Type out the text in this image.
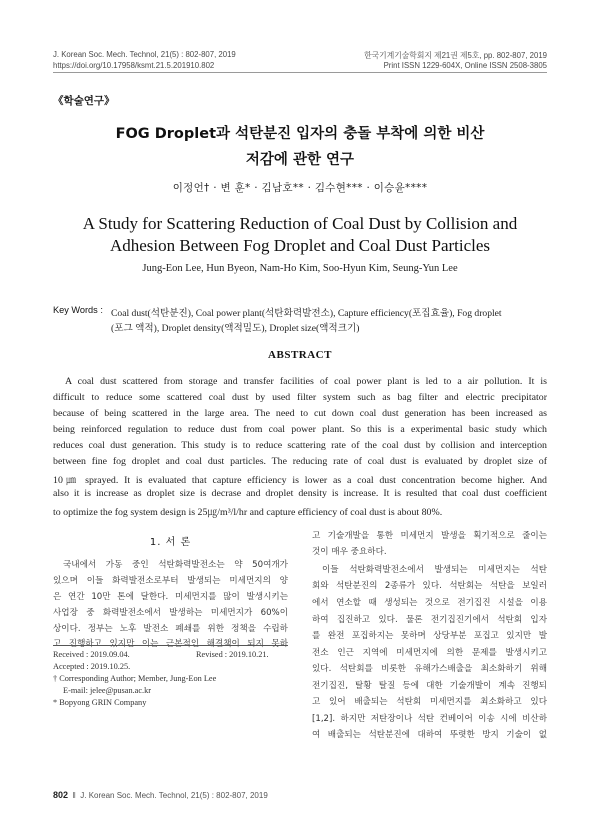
J. Korean Soc. Mech. Technol, 21(5) : 802-807, 2019
https://doi.org/10.17958/ksmt.21.5.201910.802
한국기계기술학회지 제21권 제5호, pp. 802-807, 2019
Print ISSN 1229-604X, Online ISSN 2508-3805
《학술연구》
FOG Droplet과 석탄분진 입자의 충돌 부착에 의한 비산
저감에 관한 연구
이정언† · 변 훈* · 김남호** · 김수현*** · 이승윤****
A Study for Scattering Reduction of Coal Dust by Collision and
Adhesion Between Fog Droplet and Coal Dust Particles
Jung-Eon Lee, Hun Byeon, Nam-Ho Kim, Soo-Hyun Kim, Seung-Yun Lee
Key Words : Coal dust(석탄분진), Coal power plant(석탄화력발전소), Capture efficiency(포집효율), Fog droplet
(포그 액적), Droplet density(액적밀도), Droplet size(액적크기)
ABSTRACT
A coal dust scattered from storage and transfer facilities of coal power plant is led to a air pollution. It is
difficult to reduce some scattered coal dust by used filter system such as bag filter and electric precipitator
because of being scattered in the large area. The need to cut down coal dust generation has been increased as
being reinforced regulation to reduce dust from coal power plant. So this is a experimental basic study which
reduces coal dust generation. This study is to reduce scattering rate of the coal dust by collision and interception
between fine fog droplet and coal dust particles. The reducing rate of coal dust is evaluated by droplet size of
10㎛ sprayed. It is evaluated that capture efficiency is lower as a coal dust concentration become higher. And
also it is increase as droplet size is decrase and droplet density is increase. It is resulted that coal dust coefficient
to optimize the fog system design is 25㎍/m³/l/hr and capture efficiency of coal dust is about 80%.
1. 서 론
국내에서 가동 중인 석탄화력발전소는 약 50여개가
있으며 이들 화력발전소로부터 발생되는 미세먼지의 양
은 연간 10만 톤에 달한다. 미세먼지를 많이 발생시키는
사업장 중 화력발전소에서 발생하는 미세먼지가 60%이
상이다. 정부는 노후 발전소 폐쇄를 위한 정책을 수립하
고 진행하고 있지만 이는 근본적인 해결책이 되지 못하
Received : 2019.09.04.	Revised : 2019.10.21.
Accepted : 2019.10.25.
† Corresponding Author; Member, Jung-Eon Lee
E-mail: jelee@pusan.ac.kr
* Bopyong GRIN Company
고 기술개발을 통한 미세먼지 발생을 획기적으로 줄이는
것이 매우 중요하다.
이들 석탄화력발전소에서 발생되는 미세먼지는 석탄
회와 석탄분진의 2종류가 있다. 석탄회는 석탄을 보일러
에서 연소할 때 생성되는 것으로 전기집진 시설을 이용
하여 집진하고 있다. 물론 전기집진기에서 석탄회 입자
를 완전 포집하지는 못하며 상당부분 포집고 있지만 발
전소 인근 지역에 미세먼지에 의한 문제를 발생시키고
있다. 석탄회를 비롯한 유해가스배출을 최소화하기 위해
전기집진, 탈황 탈질 등에 대한 기술개발이 계속 진행되
고 있어 배출되는 석탄회 미세먼지를 최소화하고 있다
[1,2]. 하지만 저탄장이나 석탄 컨베이어 이송 시에 비산하
여 배출되는 석탄분진에 대하여 뚜렷한 방지 기술이 없
802  ‖  J. Korean Soc. Mech. Technol, 21(5) : 802-807, 2019
